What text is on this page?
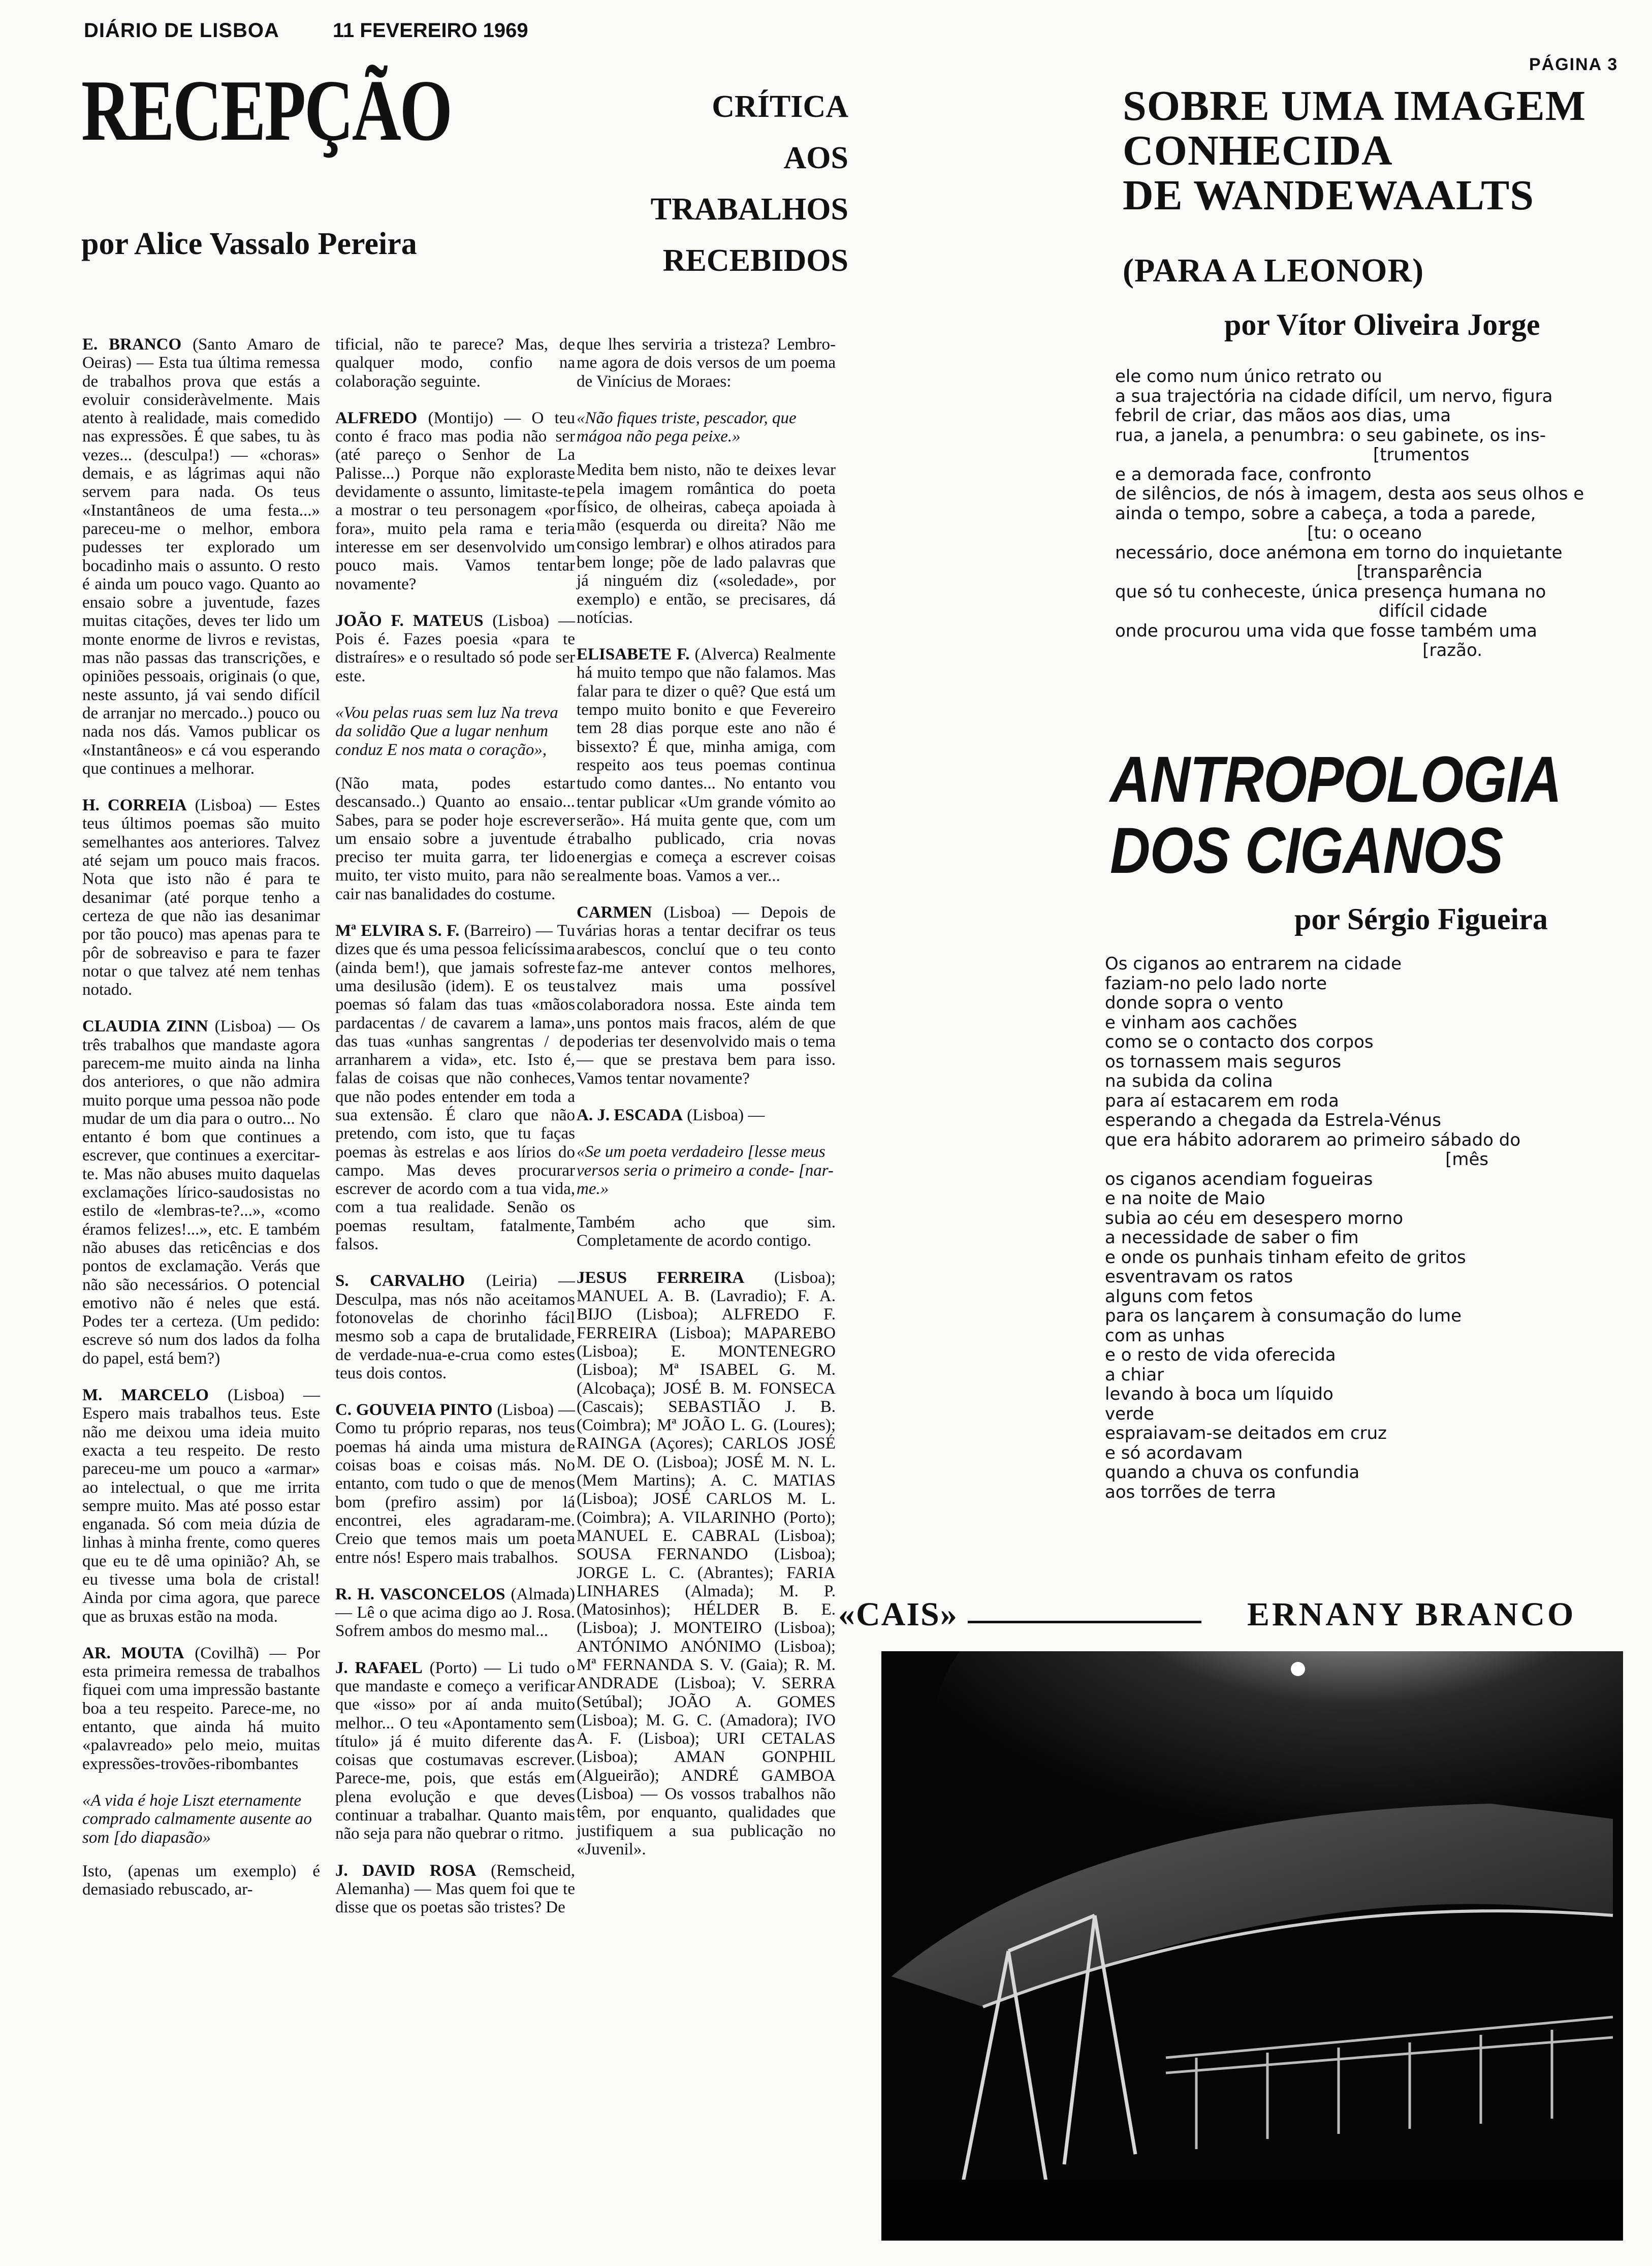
DIÁRIO DE LISBOA	11 FEVEREIRO 1969
PÁGINA 3
RECEPÇÃO
por Alice Vassalo Pereira
CRÍTICA
AOS
TRABALHOS
RECEBIDOS

E. BRANCO (Santo Amaro de Oeiras) — Esta tua última remessa de trabalhos prova que estás a evoluir consideràvelmente. Mais atento à realidade, mais comedido nas expressões. É que sabes, tu às vezes... (desculpa!) — «choras» demais, e as lágrimas aqui não servem para nada. Os teus «Instantâneos de uma festa...» pareceu-me o melhor, embora pudesses ter explorado um bocadinho mais o assunto. O resto é ainda um pouco vago. Quanto ao ensaio sobre a juventude, fazes muitas citações, deves ter lido um monte enorme de livros e revistas, mas não passas das transcrições, e opiniões pessoais, originais (o que, neste assunto, já vai sendo difícil de arranjar no mercado..) pouco ou nada nos dás. Vamos publicar os «Instantâneos» e cá vou esperando que continues a melhorar.

H. CORREIA (Lisboa) — Estes teus últimos poemas são muito semelhantes aos anteriores. Talvez até sejam um pouco mais fracos. Nota que isto não é para te desanimar (até porque tenho a certeza de que não ias desanimar por tão pouco) mas apenas para te pôr de sobreaviso e para te fazer notar o que talvez até nem tenhas notado.

CLAUDIA ZINN (Lisboa) — Os três trabalhos que mandaste agora parecem-me muito ainda na linha dos anteriores, o que não admira muito porque uma pessoa não pode mudar de um dia para o outro... No entanto é bom que continues a escrever, que continues a exercitar-te. Mas não abuses muito daquelas exclamações lírico-saudosistas no estilo de «lembras-te?...», «como éramos felizes!...», etc. E também não abuses das reticências e dos pontos de exclamação. Verás que não são necessários. O potencial emotivo não é neles que está. Podes ter a certeza. (Um pedido: escreve só num dos lados da folha do papel, está bem?)

M. MARCELO (Lisboa) — Espero mais trabalhos teus. Este não me deixou uma ideia muito exacta a teu respeito. De resto pareceu-me um pouco a «armar» ao intelectual, o que me irrita sempre muito. Mas até posso estar enganada. Só com meia dúzia de linhas à minha frente, como queres que eu te dê uma opinião? Ah, se eu tivesse uma bola de cristal! Ainda por cima agora, que parece que as bruxas estão na moda.

AR. MOUTA (Covilhã) — Por esta primeira remessa de trabalhos fiquei com uma impressão bastante boa a teu respeito. Parece-me, no entanto, que ainda há muito «palavreado» pelo meio, muitas expressões-trovões-ribombantes

«A vida é hoje Liszt eternamente comprado calmamente ausente ao som [do diapasão»

Isto, (apenas um exemplo) é demasiado rebuscado, ar-

tificial, não te parece? Mas, de qualquer modo, confio na colaboração seguinte.

ALFREDO (Montijo) — O teu conto é fraco mas podia não ser (até pareço o Senhor de La Palisse...) Porque não exploraste devidamente o assunto, limitaste-te a mostrar o teu personagem «por fora», muito pela rama e teria interesse em ser desenvolvido um pouco mais. Vamos tentar novamente?

JOÃO F. MATEUS (Lisboa) — Pois é. Fazes poesia «para te distraíres» e o resultado só pode ser este.

«Vou pelas ruas sem luz Na treva da solidão Que a lugar nenhum conduz E nos mata o coração»,

(Não mata, podes estar descansado..) Quanto ao ensaio... Sabes, para se poder hoje escrever um ensaio sobre a juventude é preciso ter muita garra, ter lido muito, ter visto muito, para não se cair nas banalidades do costume.

Mª ELVIRA S. F. (Barreiro) — Tu dizes que és uma pessoa felicíssima (ainda bem!), que jamais sofreste uma desilusão (idem). E os teus poemas só falam das tuas «mãos pardacentas / de cavarem a lama», das tuas «unhas sangrentas / de arranharem a vida», etc. Isto é, falas de coisas que não conheces, que não podes entender em toda a sua extensão. É claro que não pretendo, com isto, que tu faças poemas às estrelas e aos lírios do campo. Mas deves procurar escrever de acordo com a tua vida, com a tua realidade. Senão os poemas resultam, fatalmente, falsos.

S. CARVALHO (Leiria) — Desculpa, mas nós não aceitamos fotonovelas de chorinho fácil mesmo sob a capa de brutalidade, de verdade-nua-e-crua como estes teus dois contos.

C. GOUVEIA PINTO (Lisboa) — Como tu próprio reparas, nos teus poemas há ainda uma mistura de coisas boas e coisas más. No entanto, com tudo o que de menos bom (prefiro assim) por lá encontrei, eles agradaram-me. Creio que temos mais um poeta entre nós! Espero mais trabalhos.

R. H. VASCONCELOS (Almada) — Lê o que acima digo ao J. Rosa. Sofrem ambos do mesmo mal...

J. RAFAEL (Porto) — Li tudo o que mandaste e começo a verificar que «isso» por aí anda muito melhor... O teu «Apontamento sem título» já é muito diferente das coisas que costumavas escrever. Parece-me, pois, que estás em plena evolução e que deves continuar a trabalhar. Quanto mais não seja para não quebrar o ritmo.

J. DAVID ROSA (Remscheid, Alemanha) — Mas quem foi que te disse que os poetas são tristes? De

que lhes serviria a tristeza? Lembro-me agora de dois versos de um poema de Vinícius de Moraes:

«Não fiques triste, pescador, que mágoa não pega peixe.»

Medita bem nisto, não te deixes levar pela imagem romântica do poeta físico, de olheiras, cabeça apoiada à mão (esquerda ou direita? Não me consigo lembrar) e olhos atirados para bem longe; põe de lado palavras que já ninguém diz («soledade», por exemplo) e então, se precisares, dá notícias.

ELISABETE F. (Alverca) Realmente há muito tempo que não falamos. Mas falar para te dizer o quê? Que está um tempo muito bonito e que Fevereiro tem 28 dias porque este ano não é bissexto? É que, minha amiga, com respeito aos teus poemas continua tudo como dantes... No entanto vou tentar publicar «Um grande vómito ao serão». Há muita gente que, com um trabalho publicado, cria novas energias e começa a escrever coisas realmente boas. Vamos a ver...

CARMEN (Lisboa) — Depois de várias horas a tentar decifrar os teus arabescos, concluí que o teu conto faz-me antever contos melhores, talvez mais uma possível colaboradora nossa. Este ainda tem uns pontos mais fracos, além de que poderias ter desenvolvido mais o tema — que se prestava bem para isso. Vamos tentar novamente?

A. J. ESCADA (Lisboa) —

«Se um poeta verdadeiro [lesse meus versos seria o primeiro a conde- [nar-me.»

Também acho que sim. Completamente de acordo contigo.

JESUS FERREIRA (Lisboa); MANUEL A. B. (Lavradio); F. A. BIJO (Lisboa); ALFREDO F. FERREIRA (Lisboa); MAPAREBO (Lisboa); E. MONTENEGRO (Lisboa); Mª ISABEL G. M. (Alcobaça); JOSÉ B. M. FONSECA (Cascais); SEBASTIÃO J. B. (Coimbra); Mª JOÃO L. G. (Loures); RAINGA (Açores); CARLOS JOSÉ M. DE O. (Lisboa); JOSÉ M. N. L. (Mem Martins); A. C. MATIAS (Lisboa); JOSÉ CARLOS M. L. (Coimbra); A. VILARINHO (Porto); MANUEL E. CABRAL (Lisboa); SOUSA FERNANDO (Lisboa); JORGE L. C. (Abrantes); FARIA LINHARES (Almada); M. P. (Matosinhos); HÉLDER B. E. (Lisboa); J. MONTEIRO (Lisboa); ANTÓNIMO ANÓNIMO (Lisboa); Mª FERNANDA S. V. (Gaia); R. M. ANDRADE (Lisboa); V. SERRA (Setúbal); JOÃO A. GOMES (Lisboa); M. G. C. (Amadora); IVO A. F. (Lisboa); URI CETALAS (Lisboa); AMAN GONPHIL (Algueirão); ANDRÉ GAMBOA (Lisboa) — Os vossos trabalhos não têm, por enquanto, qualidades que justifiquem a sua publicação no «Juvenil».

SOBRE UMA IMAGEM
CONHECIDA
DE WANDEWAALTS
(PARA A LEONOR)
por Vítor Oliveira Jorge
ele como num único retrato ou
a sua trajectória na cidade difícil, um nervo, figura
febril de criar, das mãos aos dias, uma
rua, a janela, a penumbra: o seu gabinete, os ins-
[trumentos
e a demorada face, confronto
de silêncios, de nós à imagem, desta aos seus olhos e
ainda o tempo, sobre a cabeça, a toda a parede,
[tu: o oceano
necessário, doce anémona em torno do inquietante
[transparência
que só tu conheceste, única presença humana no
difícil cidade
onde procurou uma vida que fosse também uma
[razão.
ANTROPOLOGIA
DOS CIGANOS
por Sérgio Figueira
Os ciganos ao entrarem na cidade
faziam-no pelo lado norte
donde sopra o vento
e vinham aos cachões
como se o contacto dos corpos
os tornassem mais seguros
na subida da colina
para aí estacarem em roda
esperando a chegada da Estrela-Vénus
que era hábito adorarem ao primeiro sábado do
[mês
os ciganos acendiam fogueiras
e na noite de Maio
subia ao céu em desespero morno
a necessidade de saber o fim
e onde os punhais tinham efeito de gritos
esventravam os ratos
alguns com fetos
para os lançarem à consumação do lume
com as unhas
e o resto de vida oferecida
a chiar
levando à boca um líquido
verde
espraiavam-se deitados em cruz
e só acordavam
quando a chuva os confundia
aos torrões de terra
«CAIS»	ERNANY BRANCO
